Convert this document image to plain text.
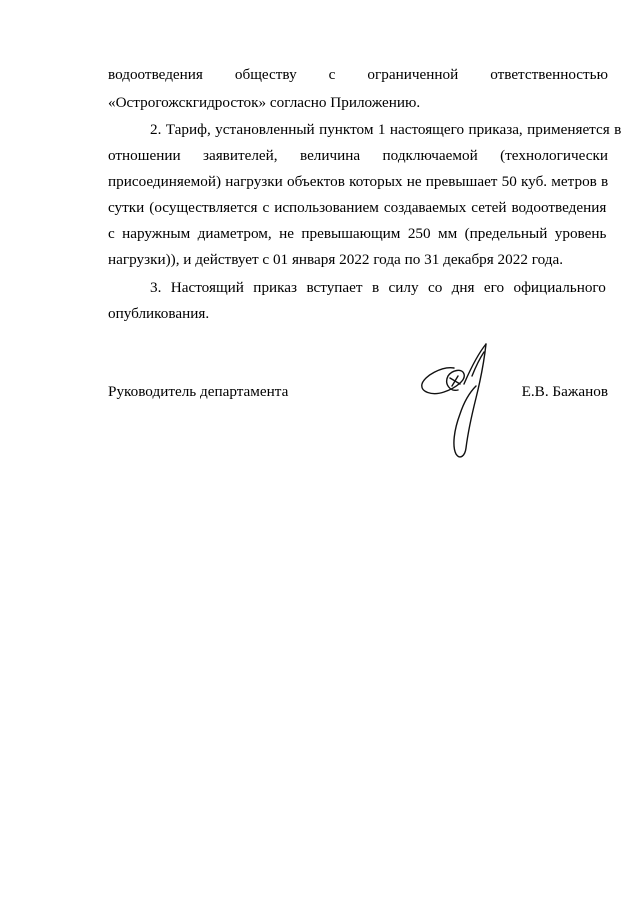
водоотведения обществу с ограниченной ответственностью
«Острогожскгидросток» согласно Приложению.
2. Тариф, установленный пунктом 1 настоящего приказа, применяется в
отношении заявителей, величина подключаемой (технологически
присоединяемой) нагрузки объектов которых не превышает 50 куб. метров в
сутки (осуществляется с использованием создаваемых сетей водоотведения
с наружным диаметром, не превышающим 250 мм (предельный уровень
нагрузки)), и действует с 01 января 2022 года по 31 декабря 2022 года.
3. Настоящий приказ вступает в силу со дня его официального
опубликования.
Руководитель департамента	Е.В. Бажанов
